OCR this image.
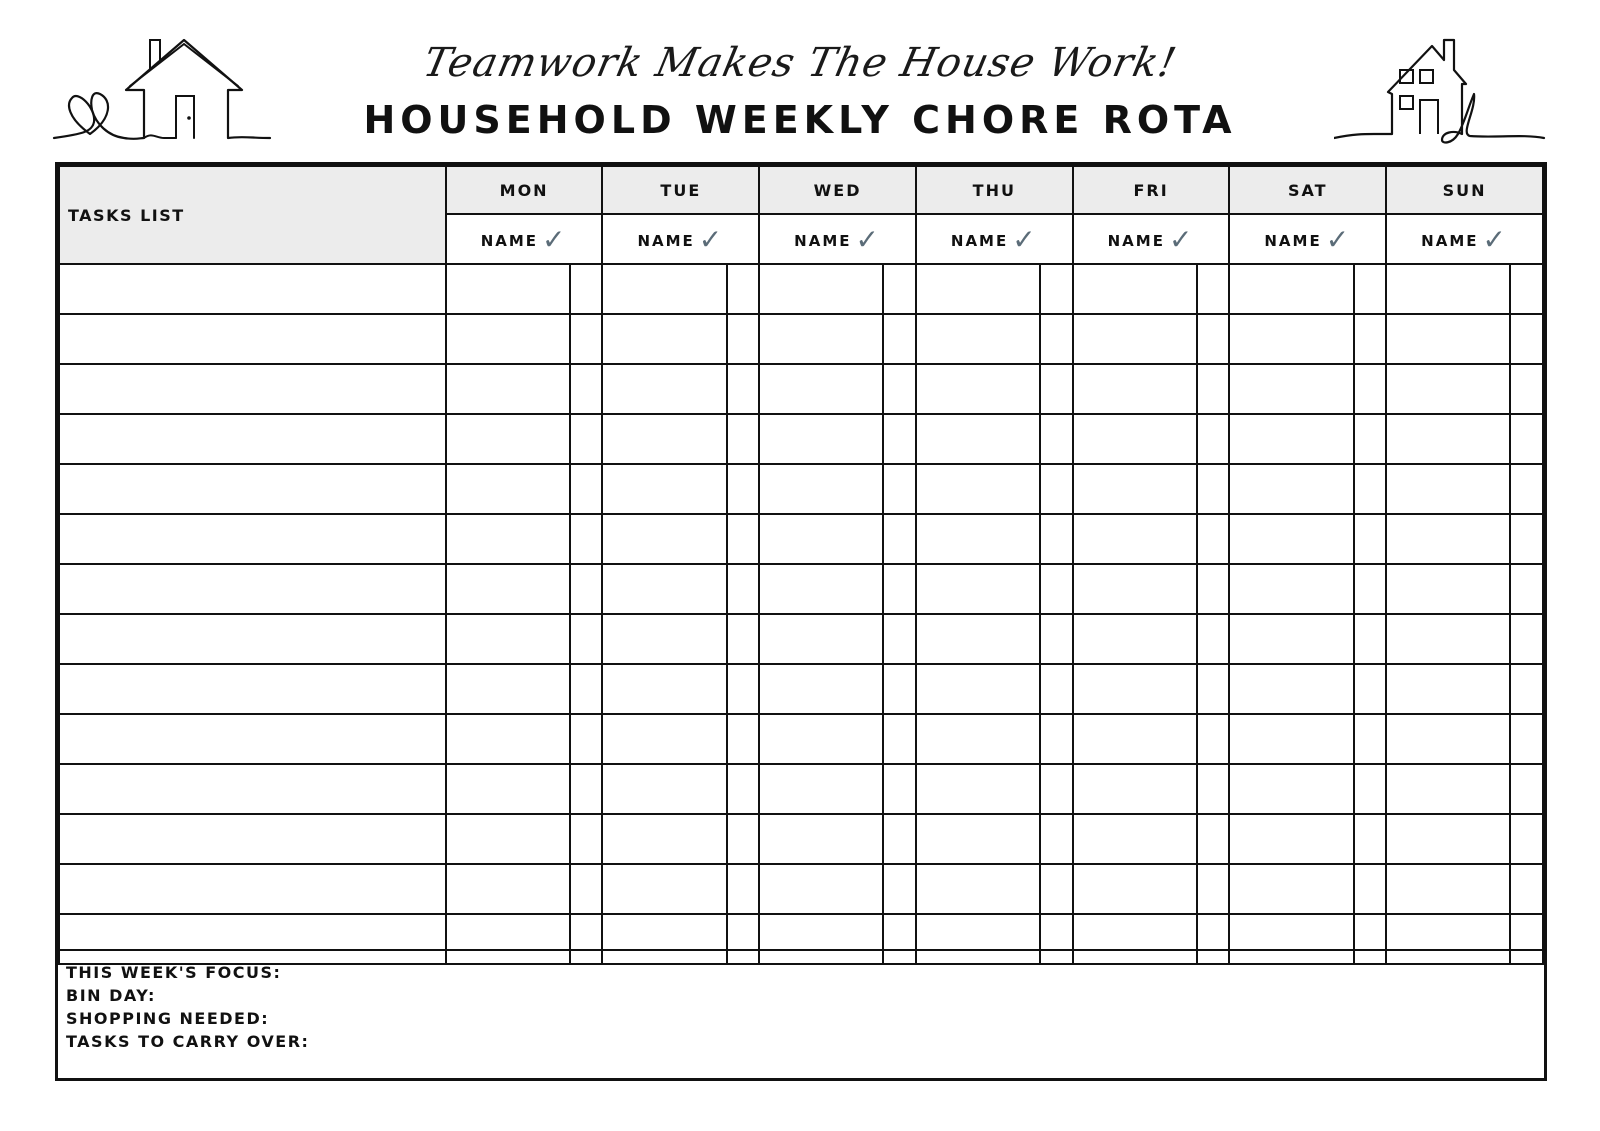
Teamwork Makes The House Work!
HOUSEHOLD WEEKLY CHORE ROTA
TASKS LIST	MON		TUE		WED		THU		FRI		SAT		SUN	
	NAME ✓		NAME ✓		NAME ✓		NAME ✓		NAME ✓		NAME ✓		NAME ✓	

THIS WEEK'S FOCUS:
BIN DAY:
SHOPPING NEEDED:
TASKS TO CARRY OVER:
